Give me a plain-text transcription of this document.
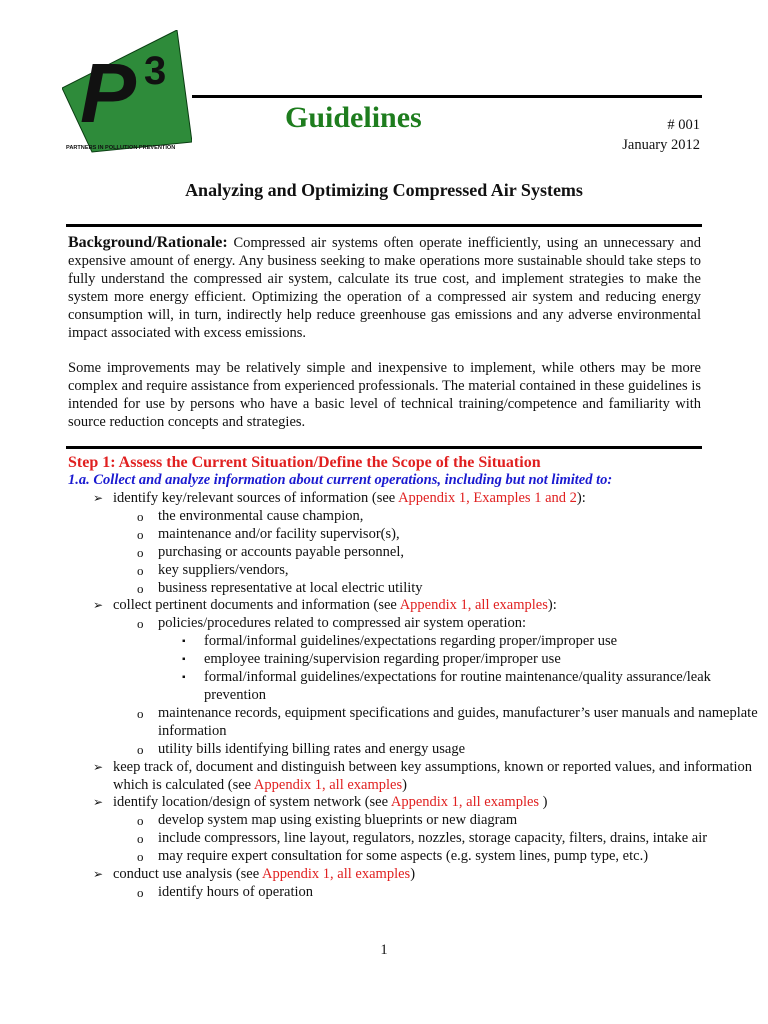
P 3
PARTNERS IN POLLUTION PREVENTION
Guidelines	# 001
January 2012
Analyzing and Optimizing Compressed Air Systems

Background/Rationale: Compressed air systems often operate inefficiently, using an unnecessary and expensive amount of energy. Any business seeking to make operations more sustainable should take steps to fully understand the compressed air system, calculate its true cost, and implement strategies to make the system more energy efficient. Optimizing the operation of a compressed air system and reducing energy consumption will, in turn, indirectly help reduce greenhouse gas emissions and any adverse environmental impact associated with excess emissions.

Some improvements may be relatively simple and inexpensive to implement, while others may be more complex and require assistance from experienced professionals. The material contained in these guidelines is intended for use by persons who have a basic level of technical training/competence and familiarity with source reduction concepts and strategies.

Step 1: Assess the Current Situation/Define the Scope of the Situation
1.a. Collect and analyze information about current operations, including but not limited to:
➢ identify key/relevant sources of information (see Appendix 1, Examples 1 and 2):
o the environmental cause champion,
o maintenance and/or facility supervisor(s),
o purchasing or accounts payable personnel,
o key suppliers/vendors,
o business representative at local electric utility
➢ collect pertinent documents and information (see Appendix 1, all examples):
o policies/procedures related to compressed air system operation:
▪ formal/informal guidelines/expectations regarding proper/improper use
▪ employee training/supervision regarding proper/improper use
▪ formal/informal guidelines/expectations for routine maintenance/quality assurance/leak prevention
o maintenance records, equipment specifications and guides, manufacturer’s user manuals and nameplate information
o utility bills identifying billing rates and energy usage
➢ keep track of, document and distinguish between key assumptions, known or reported values, and information which is calculated (see Appendix 1, all examples)
➢ identify location/design of system network (see Appendix 1, all examples )
o develop system map using existing blueprints or new diagram
o include compressors, line layout, regulators, nozzles, storage capacity, filters, drains, intake air
o may require expert consultation for some aspects (e.g. system lines, pump type, etc.)
➢ conduct use analysis (see Appendix 1, all examples)
o identify hours of operation
1
